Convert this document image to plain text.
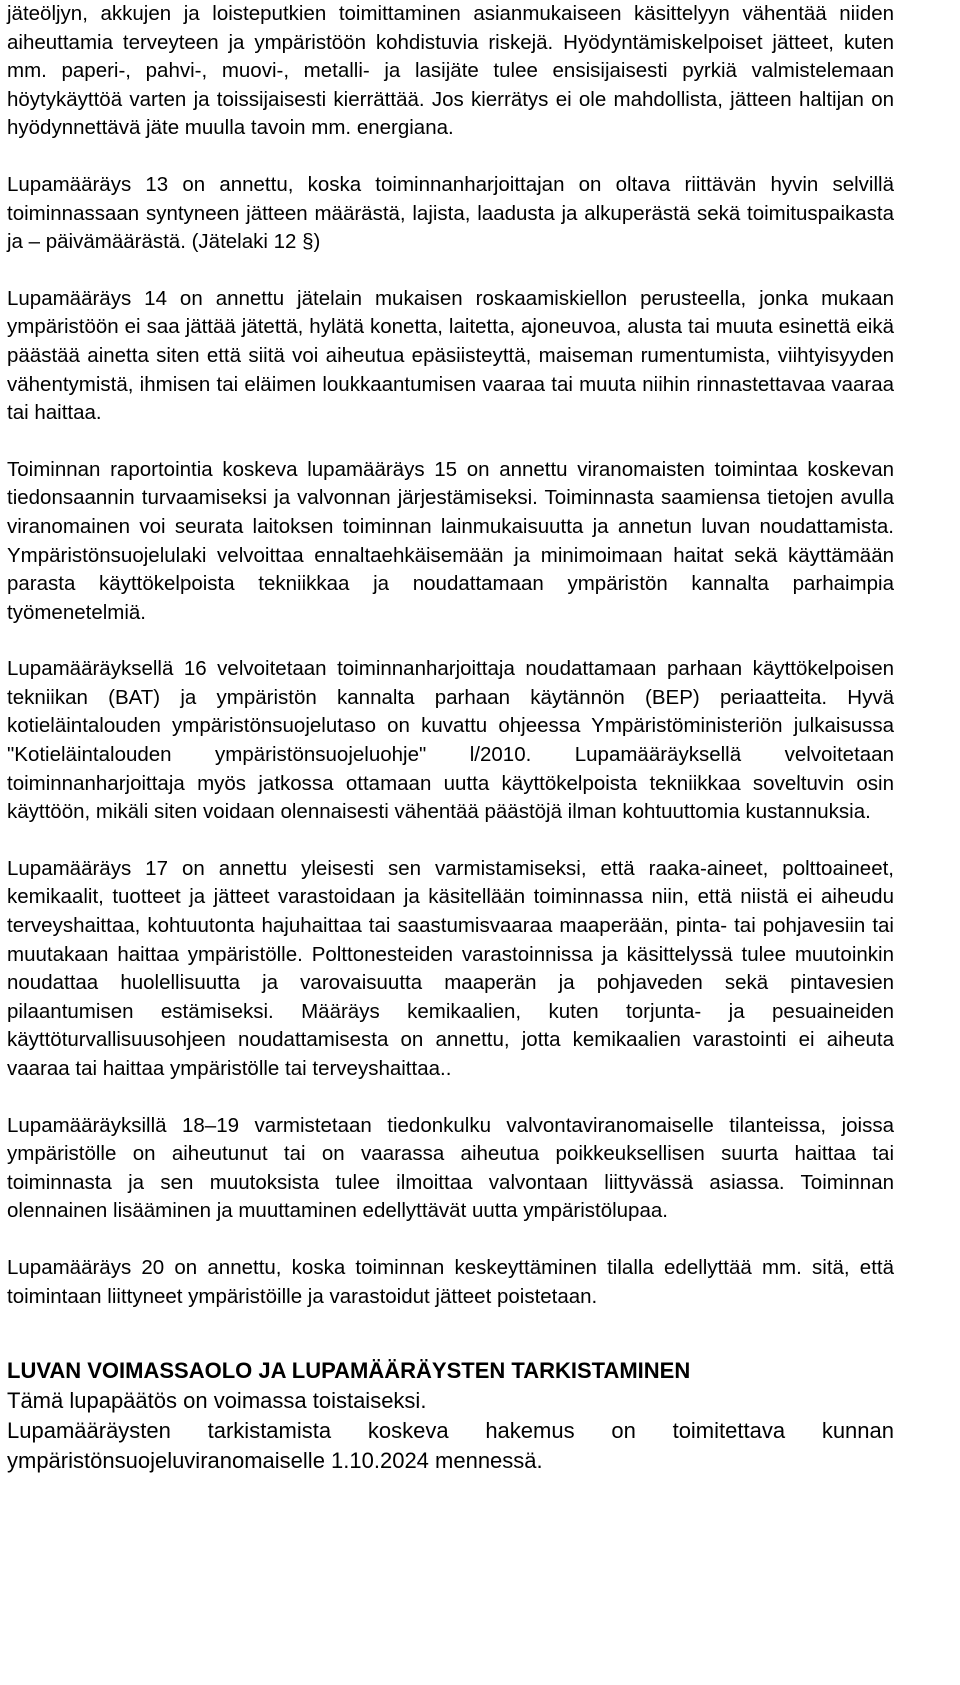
jäteöljyn, akkujen ja loisteputkien toimittaminen asianmukaiseen käsittelyyn vähentää niiden aiheuttamia terveyteen ja ympäristöön kohdistuvia riskejä. Hyödyntämiskelpoiset jätteet, kuten mm. paperi-, pahvi-, muovi-, metalli- ja lasijäte tulee ensisijaisesti pyrkiä valmistelemaan höytykäyttöä varten ja toissijaisesti kierrättää. Jos kierrätys ei ole mahdollista, jätteen haltijan on hyödynnettävä jäte muulla tavoin mm. energiana.

Lupamääräys 13 on annettu, koska toiminnanharjoittajan on oltava riittävän hyvin selvillä toiminnassaan syntyneen jätteen määrästä, lajista, laadusta ja alkuperästä sekä toimituspaikasta ja – päivämäärästä. (Jätelaki 12 §)

Lupamääräys 14 on annettu jätelain mukaisen roskaamiskiellon perusteella, jonka mukaan ympäristöön ei saa jättää jätettä, hylätä konetta, laitetta, ajoneuvoa, alusta tai muuta esinettä eikä päästää ainetta siten että siitä voi aiheutua epäsiisteyttä, maiseman rumentumista, viihtyisyyden vähentymistä, ihmisen tai eläimen loukkaantumisen vaaraa tai muuta niihin rinnastettavaa vaaraa tai haittaa.

Toiminnan raportointia koskeva lupamääräys 15 on annettu viranomaisten toimintaa koskevan tiedonsaannin turvaamiseksi ja valvonnan järjestämiseksi. Toiminnasta saamiensa tietojen avulla viranomainen voi seurata laitoksen toiminnan lainmukaisuutta ja annetun luvan noudattamista. Ympäristönsuojelulaki velvoittaa ennaltaehkäisemään ja minimoimaan haitat sekä käyttämään parasta käyttökelpoista tekniikkaa ja noudattamaan ympäristön kannalta parhaimpia työmenetelmiä.

Lupamääräyksellä 16 velvoitetaan toiminnanharjoittaja noudattamaan parhaan käyttökelpoisen tekniikan (BAT) ja ympäristön kannalta parhaan käytännön (BEP) periaatteita. Hyvä kotieläintalouden ympäristönsuojelutaso on kuvattu ohjeessa Ympäristöministeriön julkaisussa "Kotieläintalouden ympäristönsuojeluohje" l/2010. Lupamääräyksellä velvoitetaan toiminnanharjoittaja myös jatkossa ottamaan uutta käyttökelpoista tekniikkaa soveltuvin osin käyttöön, mikäli siten voidaan olennaisesti vähentää päästöjä ilman kohtuuttomia kustannuksia.

Lupamääräys 17 on annettu yleisesti sen varmistamiseksi, että raaka-aineet, polttoaineet, kemikaalit, tuotteet ja jätteet varastoidaan ja käsitellään toiminnassa niin, että niistä ei aiheudu terveyshaittaa, kohtuutonta hajuhaittaa tai saastumisvaaraa maaperään, pinta- tai pohjavesiin tai muutakaan haittaa ympäristölle. Polttonesteiden varastoinnissa ja käsittelyssä tulee muutoinkin noudattaa huolellisuutta ja varovaisuutta maaperän ja pohjaveden sekä pintavesien pilaantumisen estämiseksi. Määräys kemikaalien, kuten torjunta- ja pesuaineiden käyttöturvallisuusohjeen noudattamisesta on annettu, jotta kemikaalien varastointi ei aiheuta vaaraa tai haittaa ympäristölle tai terveyshaittaa..

Lupamääräyksillä 18–19 varmistetaan tiedonkulku valvontaviranomaiselle tilanteissa, joissa ympäristölle on aiheutunut tai on vaarassa aiheutua poikkeuksellisen suurta haittaa tai toiminnasta ja sen muutoksista tulee ilmoittaa valvontaan liittyvässä asiassa. Toiminnan olennainen lisääminen ja muuttaminen edellyttävät uutta ympäristölupaa.

Lupamääräys 20 on annettu, koska toiminnan keskeyttäminen tilalla edellyttää mm. sitä, että toimintaan liittyneet ympäristöille ja varastoidut jätteet poistetaan.

LUVAN VOIMASSAOLO JA LUPAMÄÄRÄYSTEN TARKISTAMINEN

Tämä lupapäätös on voimassa toistaiseksi.

Lupamääräysten tarkistamista koskeva hakemus on toimitettava kunnan ympäristönsuojeluviranomaiselle 1.10.2024 mennessä.
